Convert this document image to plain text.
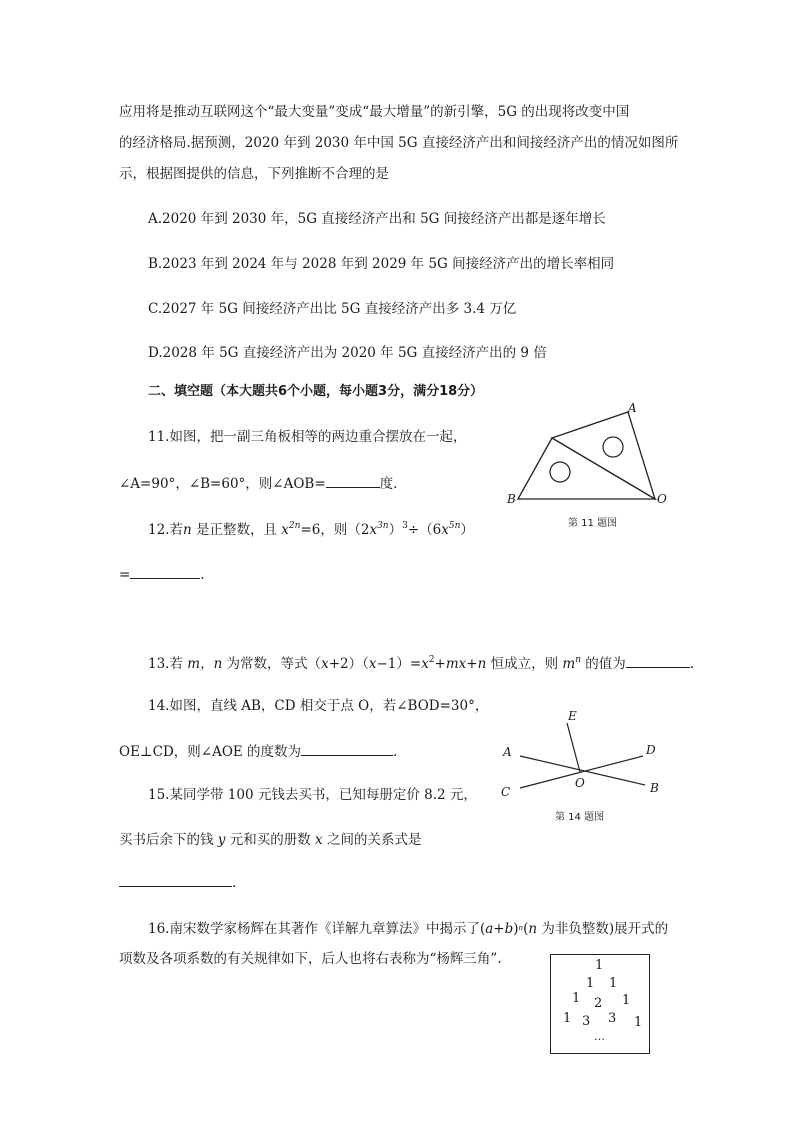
应用将是推动互联网这个“最大变量”变成“最大增量”的新引擎，5G 的出现将改变中国
的经济格局.据预测，2020 年到 2030 年中国 5G 直接经济产出和间接经济产出的情况如图所
示，根据图提供的信息，下列推断不合理的是
A.2020 年到 2030 年，5G 直接经济产出和 5G 间接经济产出都是逐年增长
B.2023 年到 2024 年与 2028 年到 2029 年 5G 间接经济产出的增长率相同
C.2027 年 5G 间接经济产出比 5G 直接经济产出多 3.4 万亿
D.2028 年 5G 直接经济产出为 2020 年 5G 直接经济产出的 9 倍
二、填空题（本大题共6个小题，每小题3分，满分18分）
11.如图，把一副三角板相等的两边重合摆放在一起，
∠A=90°，∠B=60°，则∠AOB=	度.
A
B	O
第 11 题图
12.若n 是正整数，且 $x^{2n}=6$，则$(2x^{3n})^3\div(6x^{5n})$
=	.
13.若 m，n 为常数，等式$(x+2)(x-1)=x^2+mx+n$ 恒成立，则 $m^n$ 的值为	.
14.如图，直线 AB，CD 相交于点 O，若∠BOD=30°，
OE⊥CD，则∠AOE 的度数为	.
E
A	D
O
C	B
第 14 题图
15.某同学带 100 元钱去买书，已知每册定价 8.2 元，
买书后余下的钱 y 元和买的册数 x 之间的关系式是
.
16.南宋数学家杨辉在其著作《详解九章算法》中揭示了$(a+b)^n(n$ 为非负整数)展开式的
项数及各项系数的有关规律如下，后人也将右表称为“杨辉三角”.	1
1 1
1 2 1
1 3 3 1
…
